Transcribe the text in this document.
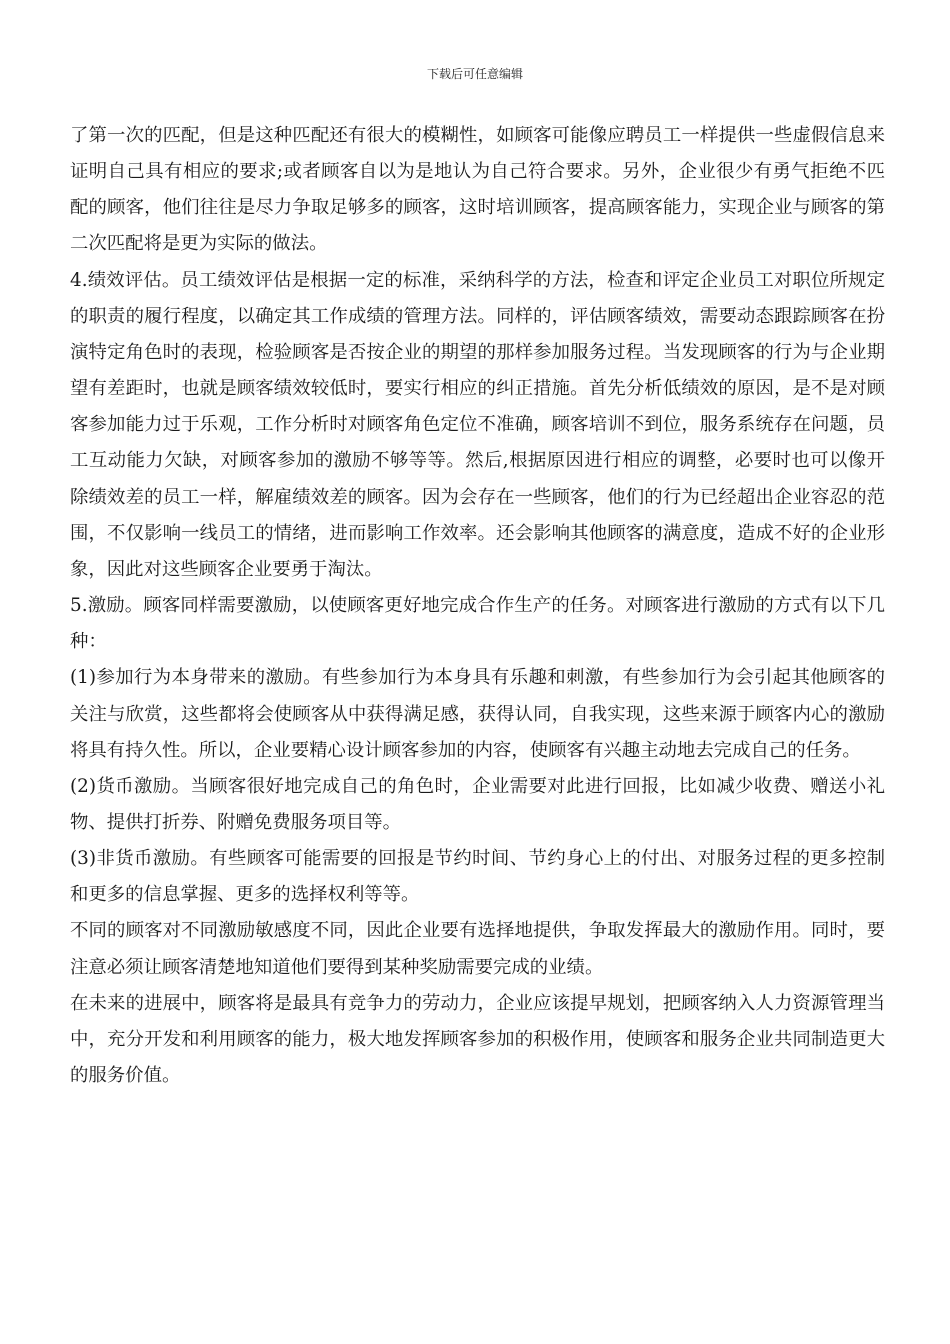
下载后可任意编辑

了第一次的匹配，但是这种匹配还有很大的模糊性，如顾客可能像应聘员工一样提供一些虚假信息来证明自己具有相应的要求;或者顾客自以为是地认为自己符合要求。另外，企业很少有勇气拒绝不匹配的顾客，他们往往是尽力争取足够多的顾客，这时培训顾客，提高顾客能力，实现企业与顾客的第二次匹配将是更为实际的做法。

4.绩效评估。员工绩效评估是根据一定的标准，采纳科学的方法，检查和评定企业员工对职位所规定的职责的履行程度，以确定其工作成绩的管理方法。同样的，评估顾客绩效，需要动态跟踪顾客在扮演特定角色时的表现，检验顾客是否按企业的期望的那样参加服务过程。当发现顾客的行为与企业期望有差距时，也就是顾客绩效较低时，要实行相应的纠正措施。首先分析低绩效的原因，是不是对顾客参加能力过于乐观，工作分析时对顾客角色定位不准确，顾客培训不到位，服务系统存在问题，员工互动能力欠缺，对顾客参加的激励不够等等。然后,根据原因进行相应的调整，必要时也可以像开除绩效差的员工一样，解雇绩效差的顾客。因为会存在一些顾客，他们的行为已经超出企业容忍的范围，不仅影响一线员工的情绪，进而影响工作效率。还会影响其他顾客的满意度，造成不好的企业形象，因此对这些顾客企业要勇于淘汰。

5.激励。顾客同样需要激励，以使顾客更好地完成合作生产的任务。对顾客进行激励的方式有以下几种：

(1)参加行为本身带来的激励。有些参加行为本身具有乐趣和刺激，有些参加行为会引起其他顾客的关注与欣赏，这些都将会使顾客从中获得满足感，获得认同，自我实现，这些来源于顾客内心的激励将具有持久性。所以，企业要精心设计顾客参加的内容，使顾客有兴趣主动地去完成自己的任务。

(2)货币激励。当顾客很好地完成自己的角色时，企业需要对此进行回报，比如减少收费、赠送小礼物、提供打折券、附赠免费服务项目等。

(3)非货币激励。有些顾客可能需要的回报是节约时间、节约身心上的付出、对服务过程的更多控制和更多的信息掌握、更多的选择权利等等。

不同的顾客对不同激励敏感度不同，因此企业要有选择地提供，争取发挥最大的激励作用。同时，要注意必须让顾客清楚地知道他们要得到某种奖励需要完成的业绩。

在未来的进展中，顾客将是最具有竞争力的劳动力，企业应该提早规划，把顾客纳入人力资源管理当中，充分开发和利用顾客的能力，极大地发挥顾客参加的积极作用，使顾客和服务企业共同制造更大的服务价值。
